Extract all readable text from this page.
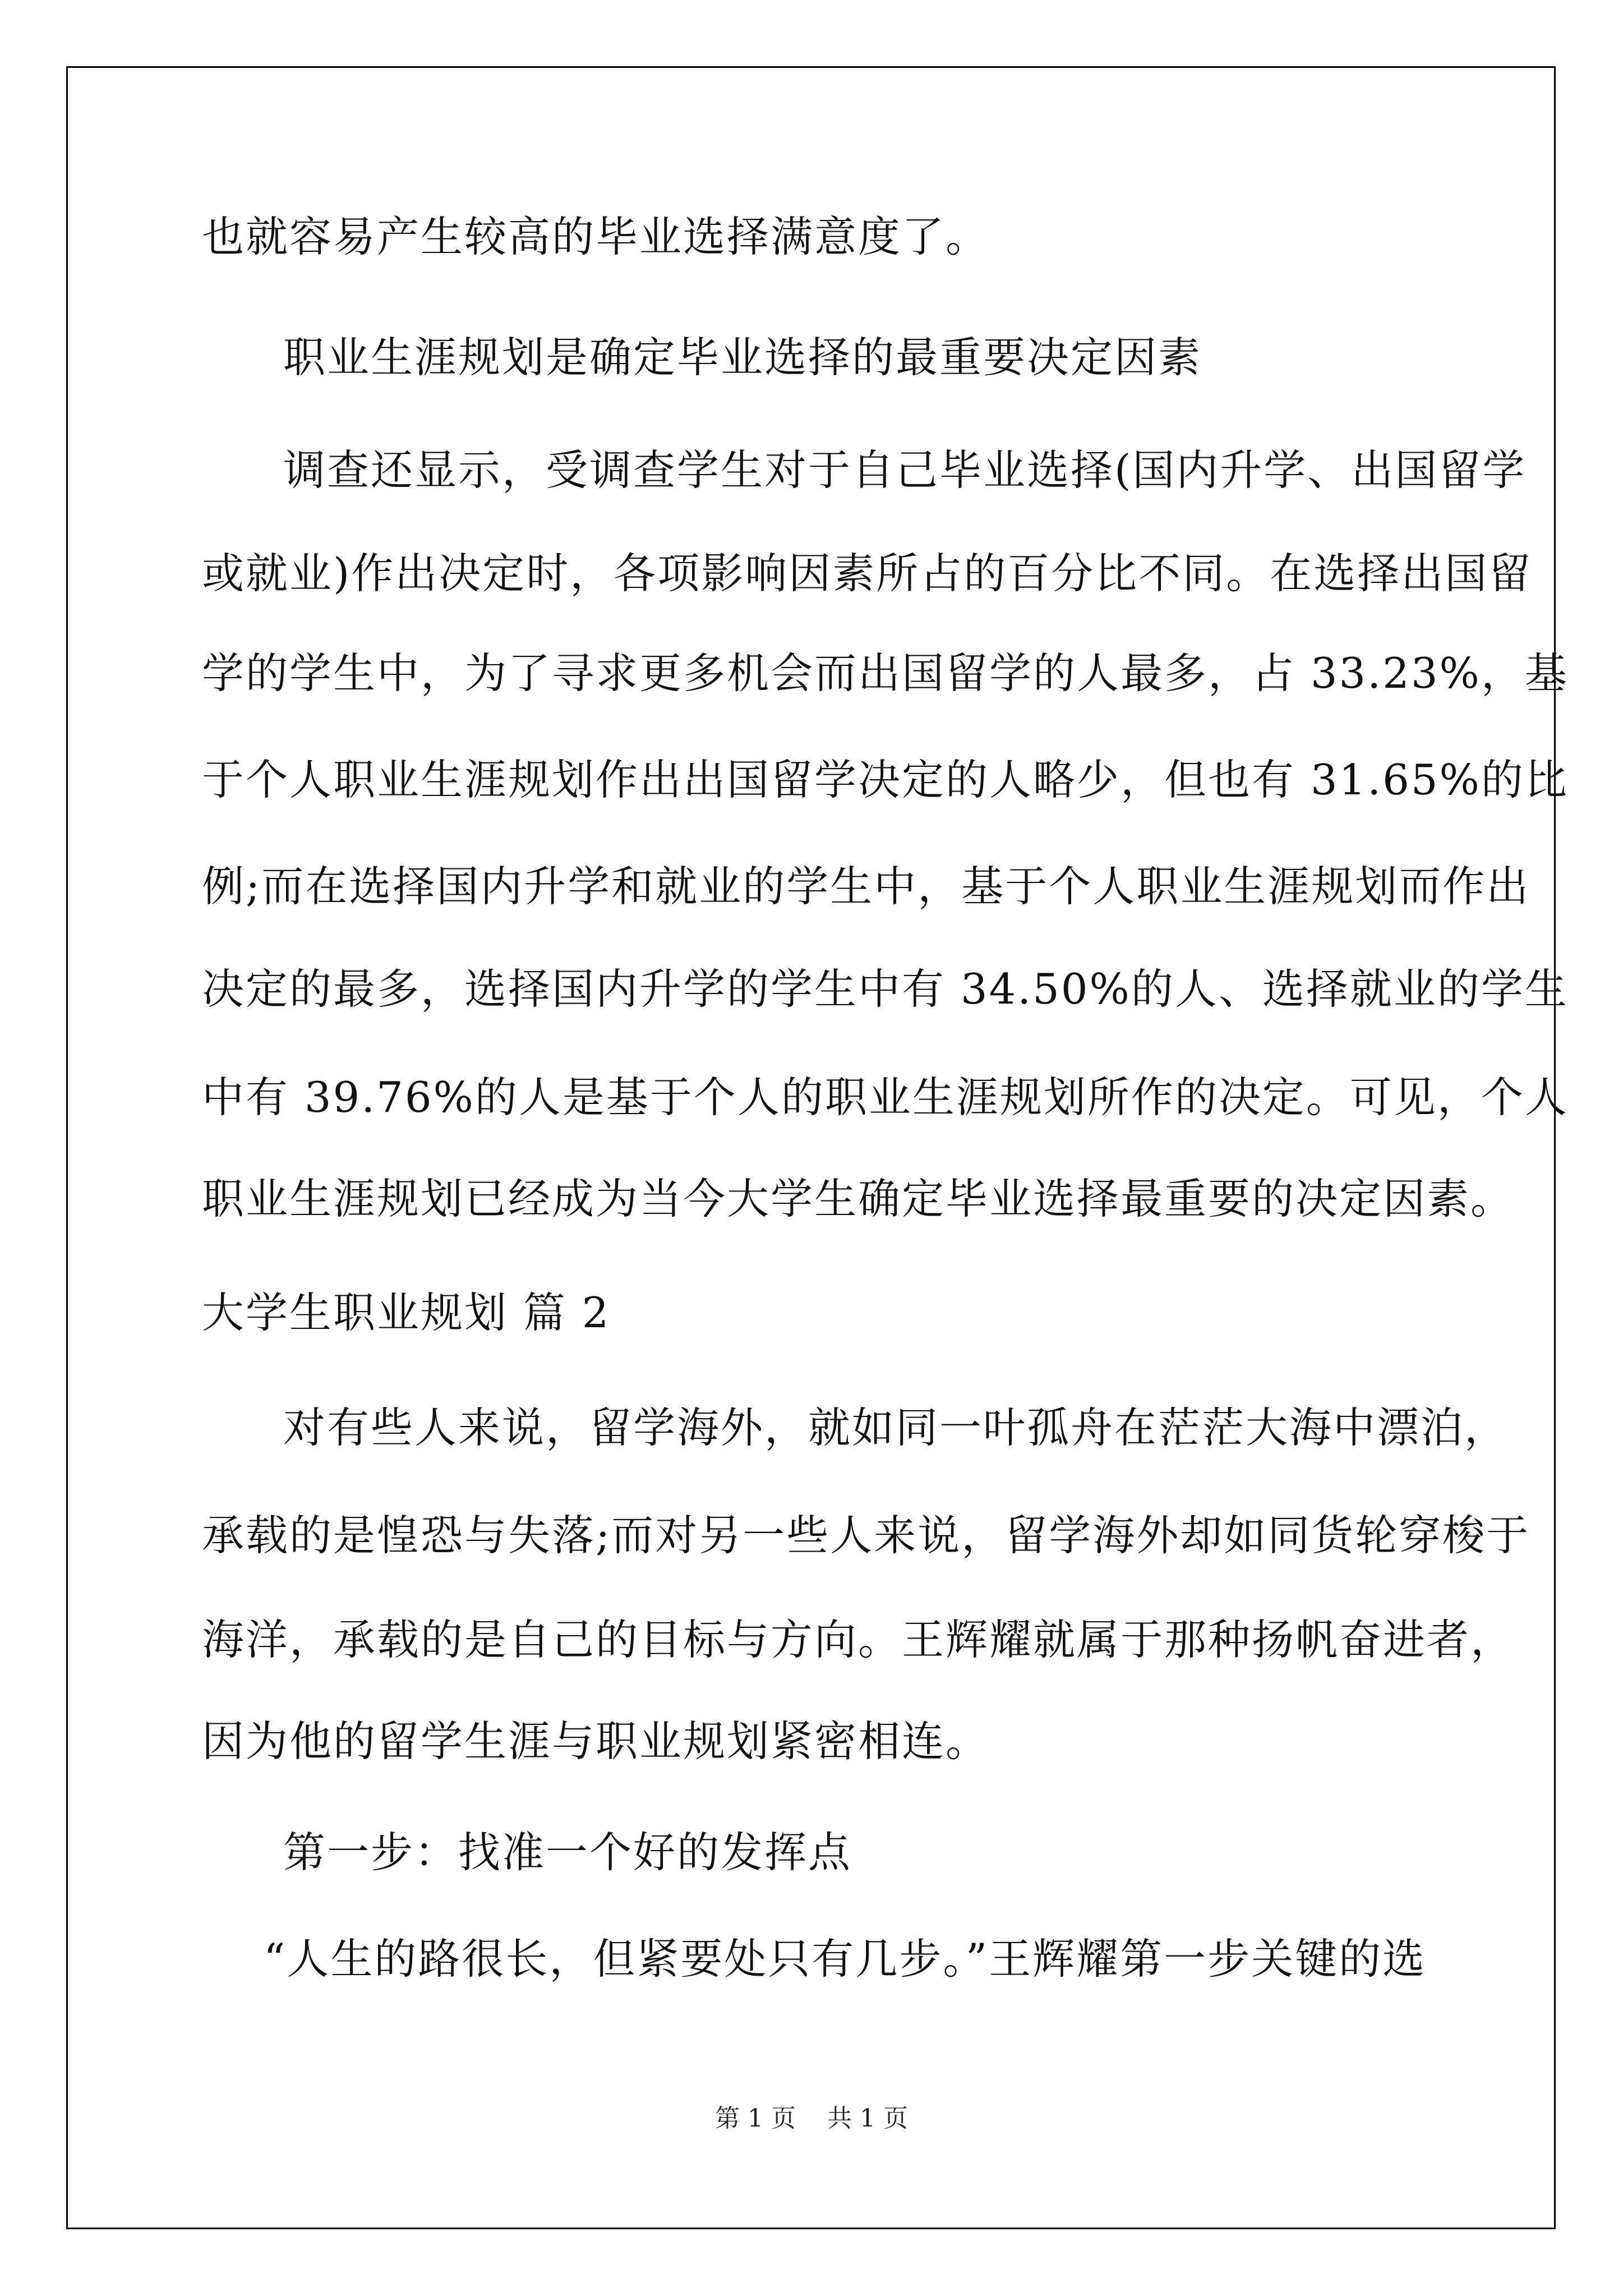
也就容易产生较高的毕业选择满意度了。
职业生涯规划是确定毕业选择的最重要决定因素
调查还显示，受调查学生对于自己毕业选择(国内升学、出国留学
或就业)作出决定时，各项影响因素所占的百分比不同。在选择出国留
学的学生中，为了寻求更多机会而出国留学的人最多，占 33.23%，基
于个人职业生涯规划作出出国留学决定的人略少，但也有 31.65%的比
例;而在选择国内升学和就业的学生中，基于个人职业生涯规划而作出
决定的最多，选择国内升学的学生中有 34.50%的人、选择就业的学生
中有 39.76%的人是基于个人的职业生涯规划所作的决定。可见，个人
职业生涯规划已经成为当今大学生确定毕业选择最重要的决定因素。
大学生职业规划 篇 2
对有些人来说，留学海外，就如同一叶孤舟在茫茫大海中漂泊，
承载的是惶恐与失落;而对另一些人来说，留学海外却如同货轮穿梭于
海洋，承载的是自己的目标与方向。王辉耀就属于那种扬帆奋进者，
因为他的留学生涯与职业规划紧密相连。
第一步：找准一个好的发挥点
“人生的路很长，但紧要处只有几步。”王辉耀第一步关键的选
第 1 页 共 1 页
